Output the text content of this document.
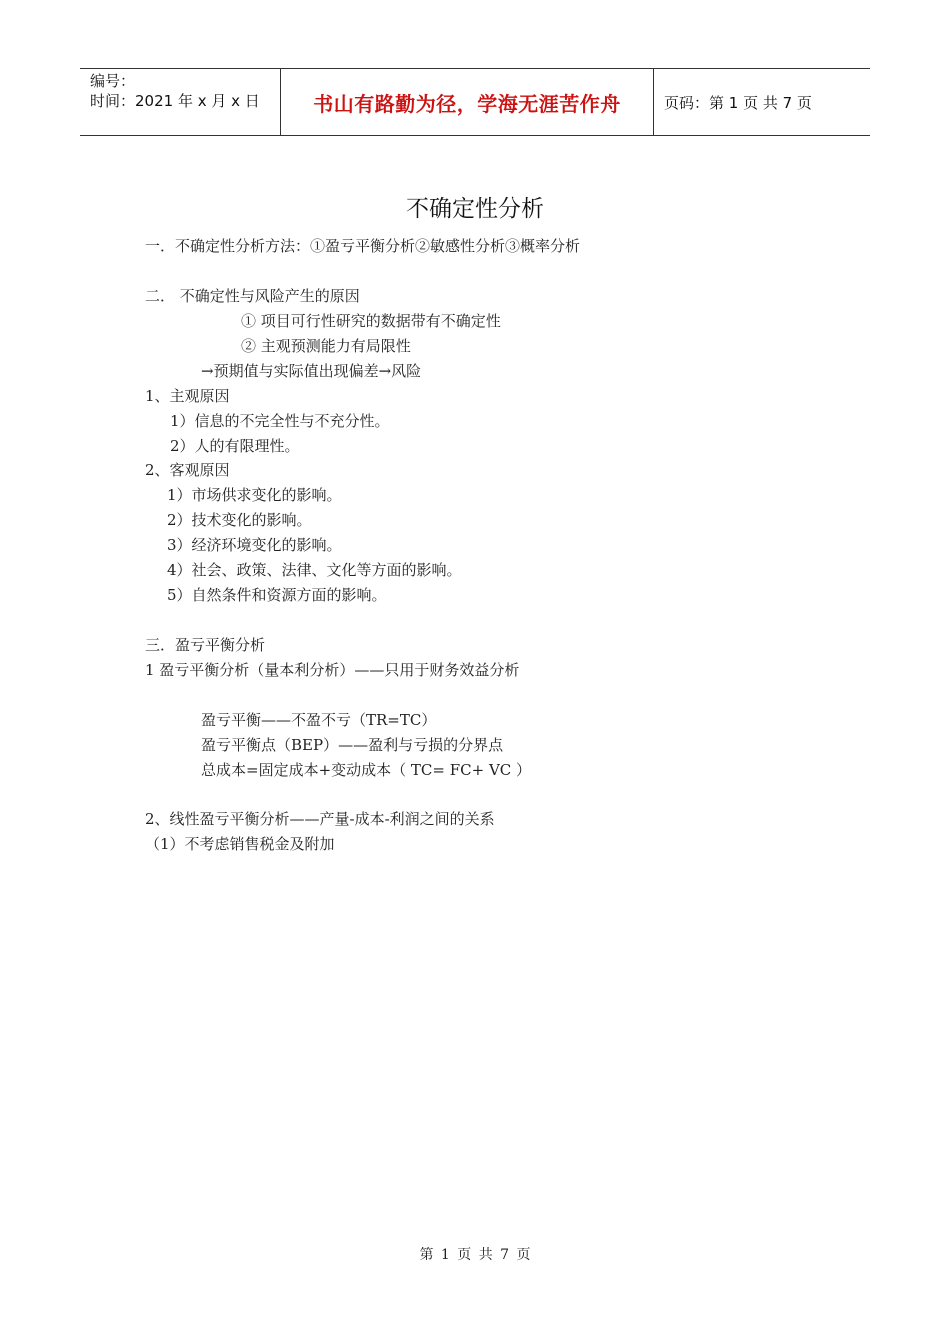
编号：
时间：2021 年 x 月 x 日	书山有路勤为径，学海无涯苦作舟	页码：第 1 页 共 7 页
不确定性分析
一．不确定性分析方法：①盈亏平衡分析②敏感性分析③概率分析
二． 不确定性与风险产生的原因
① 项目可行性研究的数据带有不确定性
② 主观预测能力有局限性
→预期值与实际值出现偏差→风险
1、主观原因
1）信息的不完全性与不充分性。
2）人的有限理性。
2、客观原因
1）市场供求变化的影响。
2）技术变化的影响。
3）经济环境变化的影响。
4）社会、政策、法律、文化等方面的影响。
5）自然条件和资源方面的影响。
三．盈亏平衡分析
1 盈亏平衡分析（量本利分析）——只用于财务效益分析
盈亏平衡——不盈不亏（TR=TC）
盈亏平衡点（BEP）——盈利与亏损的分界点
总成本=固定成本+变动成本（ TC= FC+ VC ）
2、线性盈亏平衡分析——产量-成本-利润之间的关系
（1）不考虑销售税金及附加
第 1 页 共 7 页
